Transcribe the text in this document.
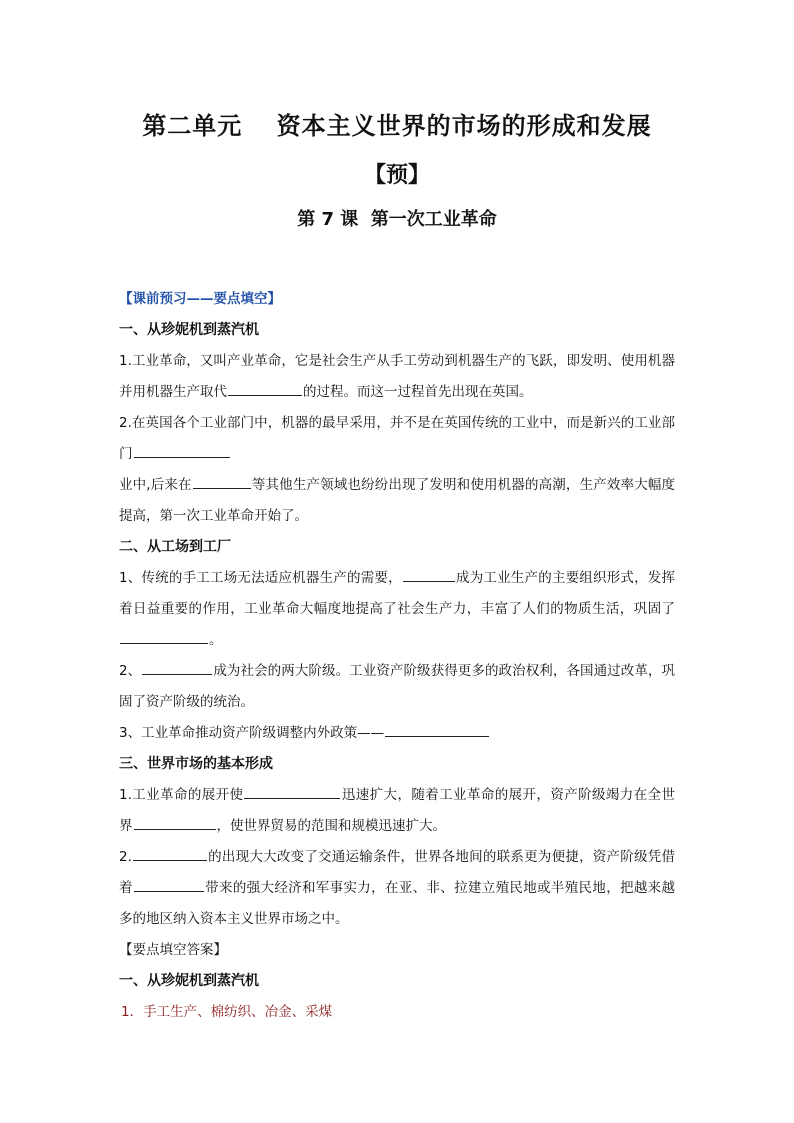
第二单元　 资本主义世界的市场的形成和发展
【预】
第 7 课  第一次工业革命

【课前预习——要点填空】

一、从珍妮机到蒸汽机

1.工业革命，又叫产业革命，它是社会生产从手工劳动到机器生产的飞跃，即发明、使用机器并用机器生产取代	的过程。而这一过程首先出现在英国。

2.在英国各个工业部门中，机器的最早采用，并不是在英国传统的工业中，而是新兴的工业部门

业中,后来在	等其他生产领域也纷纷出现了发明和使用机器的高潮，生产效率大幅度提高，第一次工业革命开始了。

二、从工场到工厂

1、传统的手工工场无法适应机器生产的需要，	成为工业生产的主要组织形式，发挥着日益重要的作用，工业革命大幅度地提高了社会生产力，丰富了人们的物质生活，巩固了。

2、	成为社会的两大阶级。工业资产阶级获得更多的政治权利，各国通过改革，巩固了资产阶级的统治。

3、工业革命推动资产阶级调整内外政策——

三、世界市场的基本形成

1.工业革命的展开使	迅速扩大，随着工业革命的展开，资产阶级竭力在全世界	，使世界贸易的范围和规模迅速扩大。

2.	的出现大大改变了交通运输条件，世界各地间的联系更为便捷，资产阶级凭借着	带来的强大经济和军事实力，在亚、非、拉建立殖民地或半殖民地，把越来越多的地区纳入资本主义世界市场之中。

【要点填空答案】

一、从珍妮机到蒸汽机

1．手工生产、棉纺织、冶金、采煤
